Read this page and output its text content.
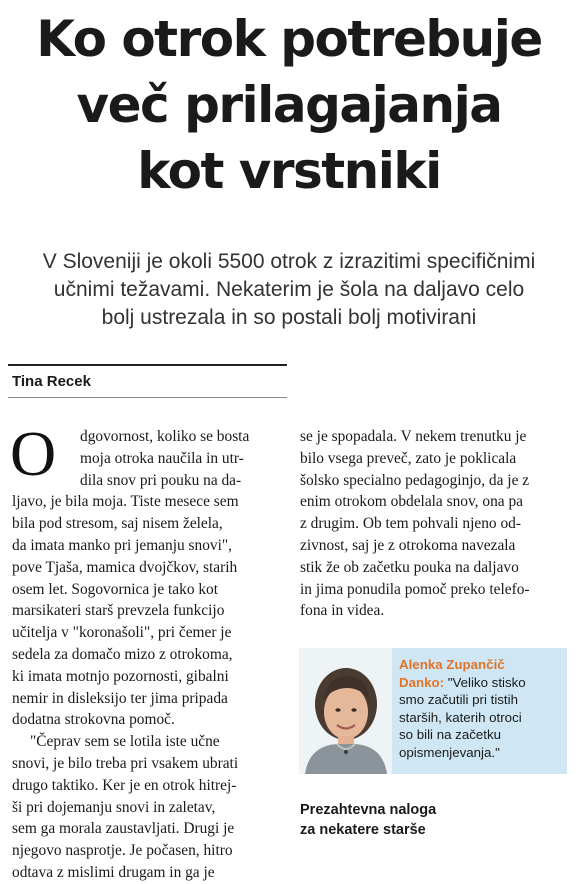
Ko otrok potrebuje
več prilagajanja
kot vrstniki
V Sloveniji je okoli 5500 otrok z izrazitimi specifičnimi
učnimi težavami. Nekaterim je šola na daljavo celo
bolj ustrezala in so postali bolj motivirani
Tina Recek
O	dgovornost, koliko se bosta
moja otroka naučila in utr-
dila snov pri pouku na da-
ljavo, je bila moja. Tiste mesece sem
bila pod stresom, saj nisem želela,
da imata manko pri jemanju snovi",
pove Tjaša, mamica dvojčkov, starih
osem let. Sogovornica je tako kot
marsikateri starš prevzela funkcijo
učitelja v "koronašoli", pri čemer je
sedela za domačo mizo z otrokoma,
ki imata motnjo pozornosti, gibalni
nemir in disleksijo ter jima pripada
dodatna strokovna pomoč.
"Čeprav sem se lotila iste učne
snovi, je bilo treba pri vsakem ubrati
drugo taktiko. Ker je en otrok hitrej-
ši pri dojemanju snovi in zaletav,
sem ga morala zaustavljati. Drugi je
njegovo nasprotje. Je počasen, hitro
odtava z mislimi drugam in ga je
se je spopadala. V nekem trenutku je
bilo vsega preveč, zato je poklicala
šolsko specialno pedagoginjo, da je z
enim otrokom obdelala snov, ona pa
z drugim. Ob tem pohvali njeno od-
zivnost, saj je z otrokoma navezala
stik že ob začetku pouka na daljavo
in jima ponudila pomoč preko telefo-
fona in videa.
Alenka Zupančič
Danko: "Veliko stisko
smo začutili pri tistih
starših, katerih otroci
so bili na začetku
opismenjevanja."
Prezahtevna naloga
za nekatere starše
